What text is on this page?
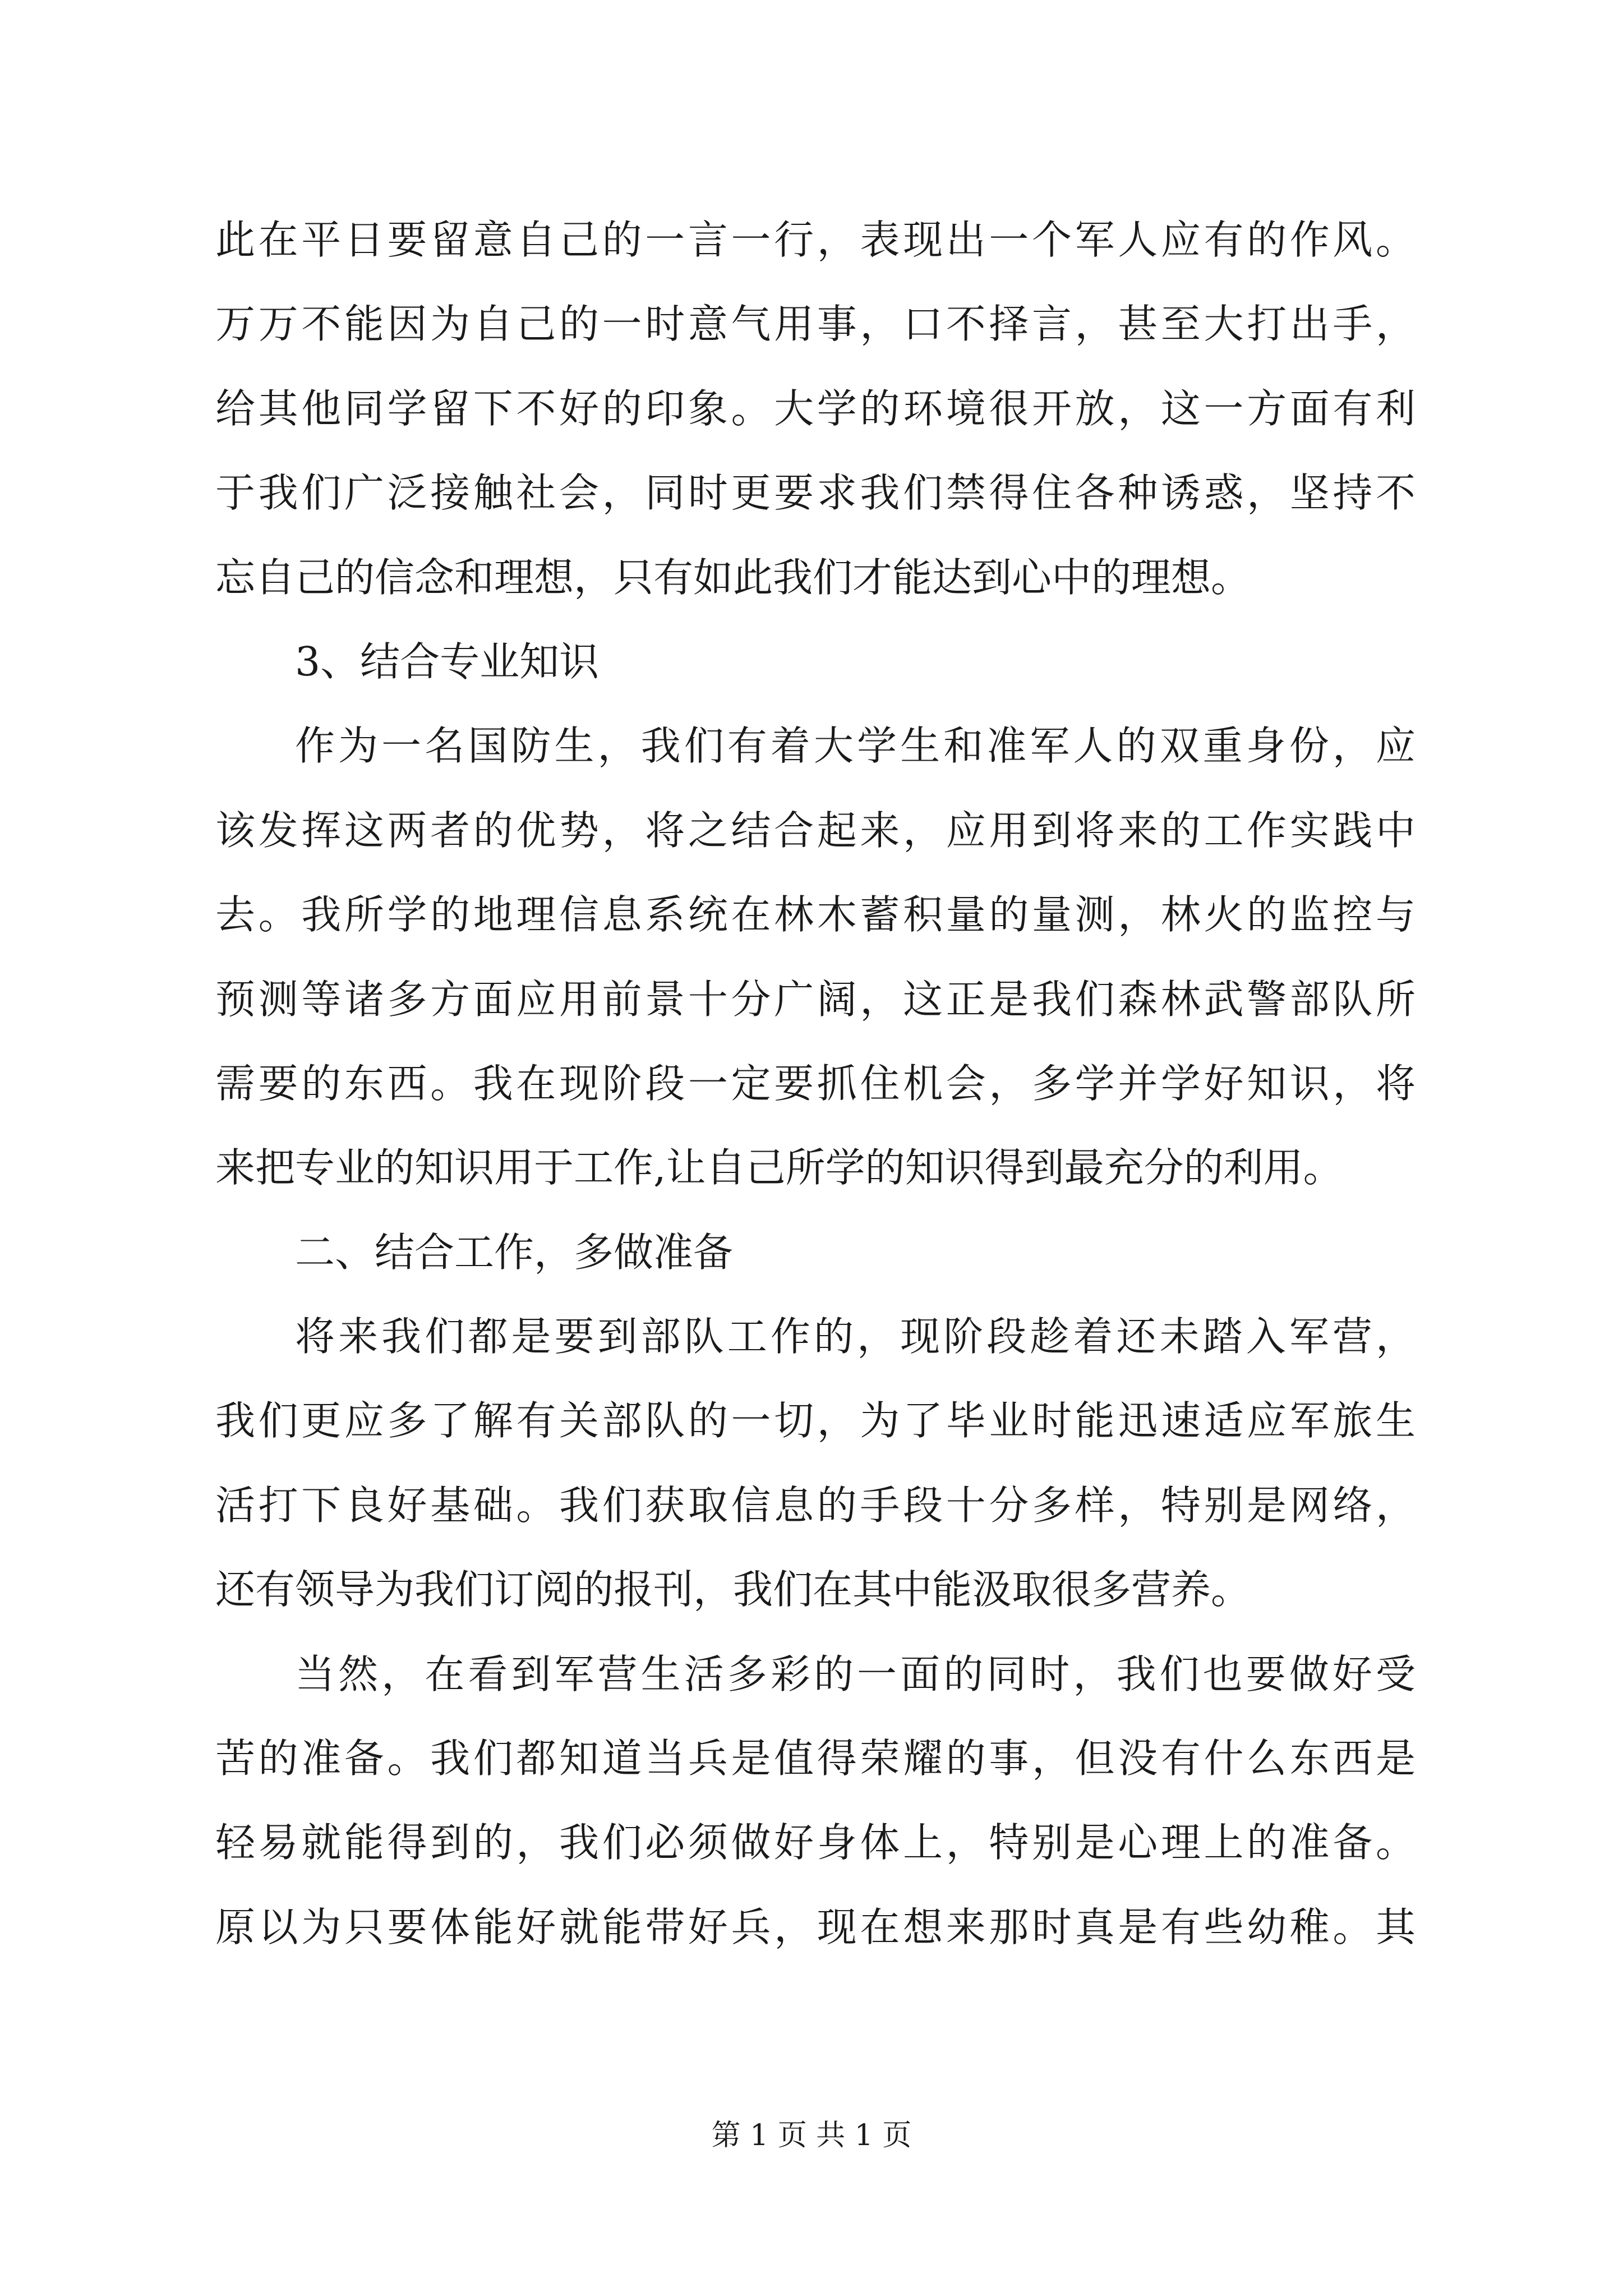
此在平日要留意自己的一言一行，表现出一个军人应有的作风。
万万不能因为自己的一时意气用事，口不择言，甚至大打出手，
给其他同学留下不好的印象。大学的环境很开放，这一方面有利
于我们广泛接触社会，同时更要求我们禁得住各种诱惑，坚持不
忘自己的信念和理想，只有如此我们才能达到心中的理想。
3、结合专业知识
作为一名国防生，我们有着大学生和准军人的双重身份，应
该发挥这两者的优势，将之结合起来，应用到将来的工作实践中
去。我所学的地理信息系统在林木蓄积量的量测，林火的监控与
预测等诸多方面应用前景十分广阔，这正是我们森林武警部队所
需要的东西。我在现阶段一定要抓住机会，多学并学好知识，将
来把专业的知识用于工作,让自己所学的知识得到最充分的利用。
二、结合工作，多做准备
将来我们都是要到部队工作的，现阶段趁着还未踏入军营，
我们更应多了解有关部队的一切，为了毕业时能迅速适应军旅生
活打下良好基础。我们获取信息的手段十分多样，特别是网络，
还有领导为我们订阅的报刊，我们在其中能汲取很多营养。
当然，在看到军营生活多彩的一面的同时，我们也要做好受
苦的准备。我们都知道当兵是值得荣耀的事，但没有什么东西是
轻易就能得到的，我们必须做好身体上，特别是心理上的准备。
原以为只要体能好就能带好兵，现在想来那时真是有些幼稚。其
第 1 页 共 1 页
